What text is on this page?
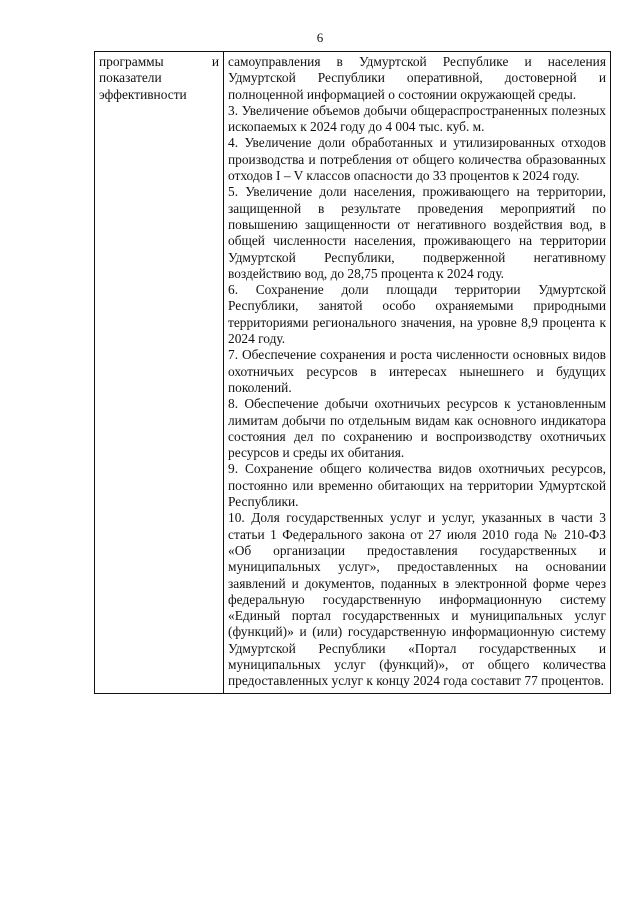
6
программы	и
показатели
эффективности

самоуправления в Удмуртской Республике и населения Удмуртской Республики оперативной, достоверной и полноценной информацией о состоянии окружающей среды.

3. Увеличение объемов добычи общераспространенных полезных ископаемых к 2024 году до 4 004 тыс. куб. м.

4. Увеличение доли обработанных и утилизированных отходов производства и потребления от общего количества образованных отходов I – V классов опасности до 33 процентов к 2024 году.

5. Увеличение доли населения, проживающего на территории, защищенной в результате проведения мероприятий по повышению защищенности от негативного воздействия вод, в общей численности населения, проживающего на территории Удмуртской Республики, подверженной негативному воздействию вод, до 28,75 процента к 2024 году.

6. Сохранение доли площади территории Удмуртской Республики, занятой особо охраняемыми природными территориями регионального значения, на уровне 8,9 процента к 2024 году.

7. Обеспечение сохранения и роста численности основных видов охотничьих ресурсов в интересах нынешнего и будущих поколений.

8. Обеспечение добычи охотничьих ресурсов к установленным лимитам добычи по отдельным видам как основного индикатора состояния дел по сохранению и воспроизводству охотничьих ресурсов и среды их обитания.

9. Сохранение общего количества видов охотничьих ресурсов, постоянно или временно обитающих на территории Удмуртской Республики.

10. Доля государственных услуг и услуг, указанных в части 3 статьи 1 Федерального закона от 27 июля 2010 года № 210-ФЗ «Об организации предоставления государственных и муниципальных услуг», предоставленных на основании заявлений и документов, поданных в электронной форме через федеральную государственную информационную систему «Единый портал государственных и муниципальных услуг (функций)» и (или) государственную информационную систему Удмуртской Республики «Портал государственных и муниципальных услуг (функций)», от общего количества предоставленных услуг к концу 2024 года составит 77 процентов.
